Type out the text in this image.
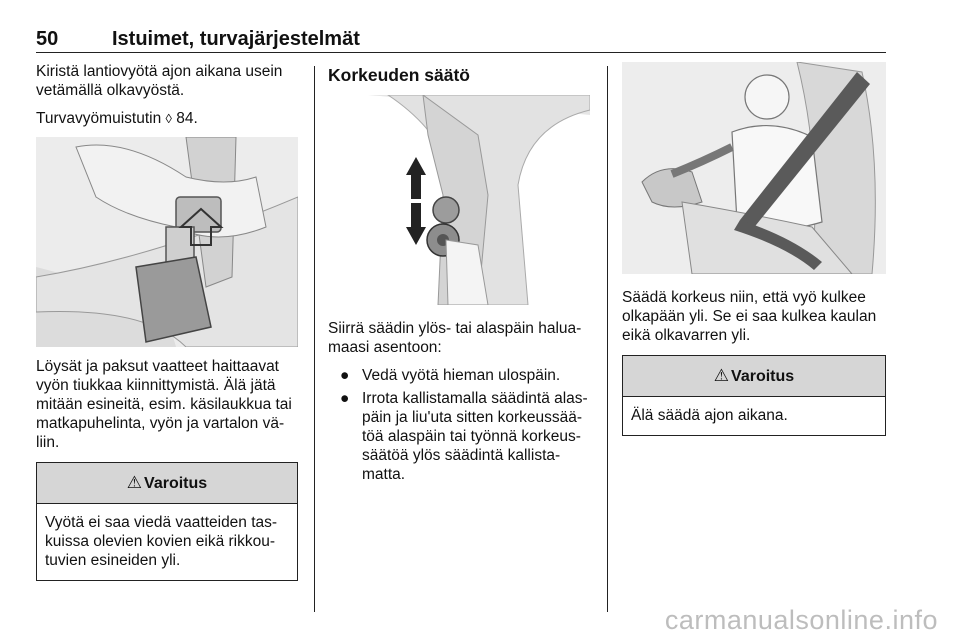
50	Istuimet, turvajärjestelmät

Kiristä lantiovyötä ajon aikana usein vetämällä olkavyöstä.

Turvavyömuistutin ◊ 84.

Löysät ja paksut vaatteet haittaavat vyön tiukkaa kiinnittymistä. Älä jätä mitään esineitä, esim. käsilaukkua tai matkapuhelinta, vyön ja vartalon vä-liin.

⚠ Varoitus
Vyötä ei saa viedä vaatteiden tas-kuissa olevien kovien eikä rikkou-tuvien esineiden yli.
Korkeuden säätö

Siirrä säädin ylös- tai alaspäin halua-maasi asentoon:

● Vedä vyötä hieman ulospäin.
● Irrota kallistamalla säädintä alas-päin ja liu'uta sitten korkeussää-töä alaspäin tai työnnä korkeus-säätöä ylös säädintä kallista-matta.

Säädä korkeus niin, että vyö kulkee olkapään yli. Se ei saa kulkea kaulan eikä olkavarren yli.

⚠ Varoitus
Älä säädä ajon aikana.
carmanualsonline.info
